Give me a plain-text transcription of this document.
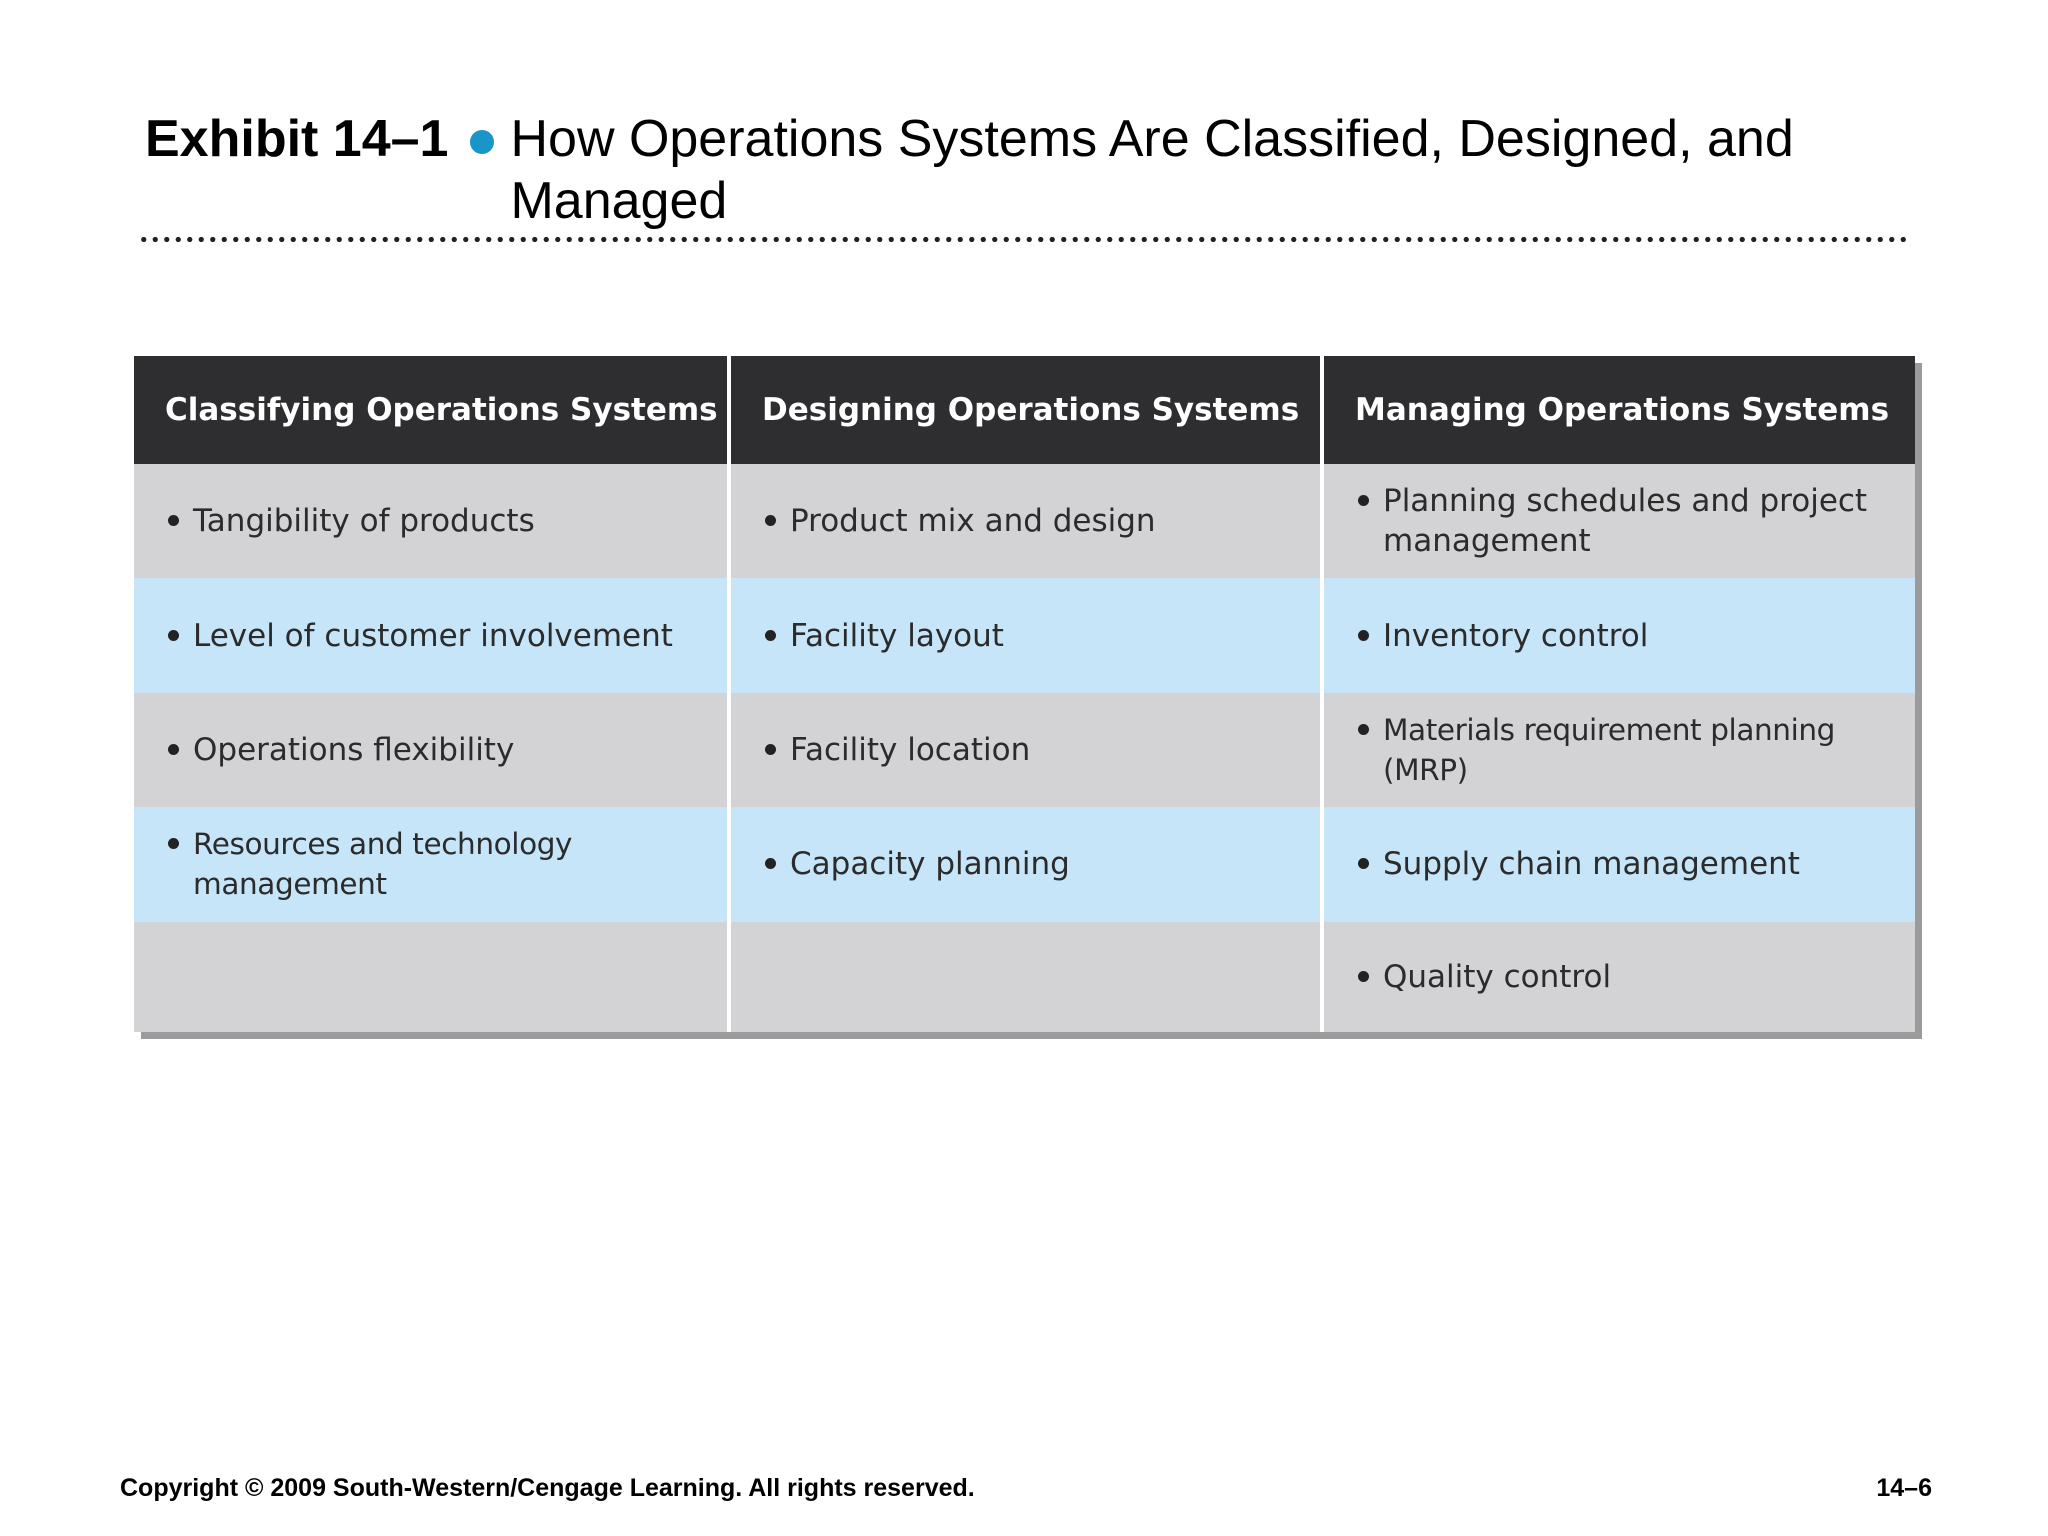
Exhibit 14–1 How Operations Systems Are Classified, Designed, and Managed
Classifying Operations Systems	Designing Operations Systems	Managing Operations Systems

Tangibility of products	Product mix and design	Planning schedules and project management

Level of customer involvement	Facility layout	Inventory control

Operations flexibility	Facility location	Materials requirement planning (MRP)

Resources and technology management	Capacity planning	Supply chain management

		Quality control
Copyright © 2009 South-Western/Cengage Learning. All rights reserved.	14–6
